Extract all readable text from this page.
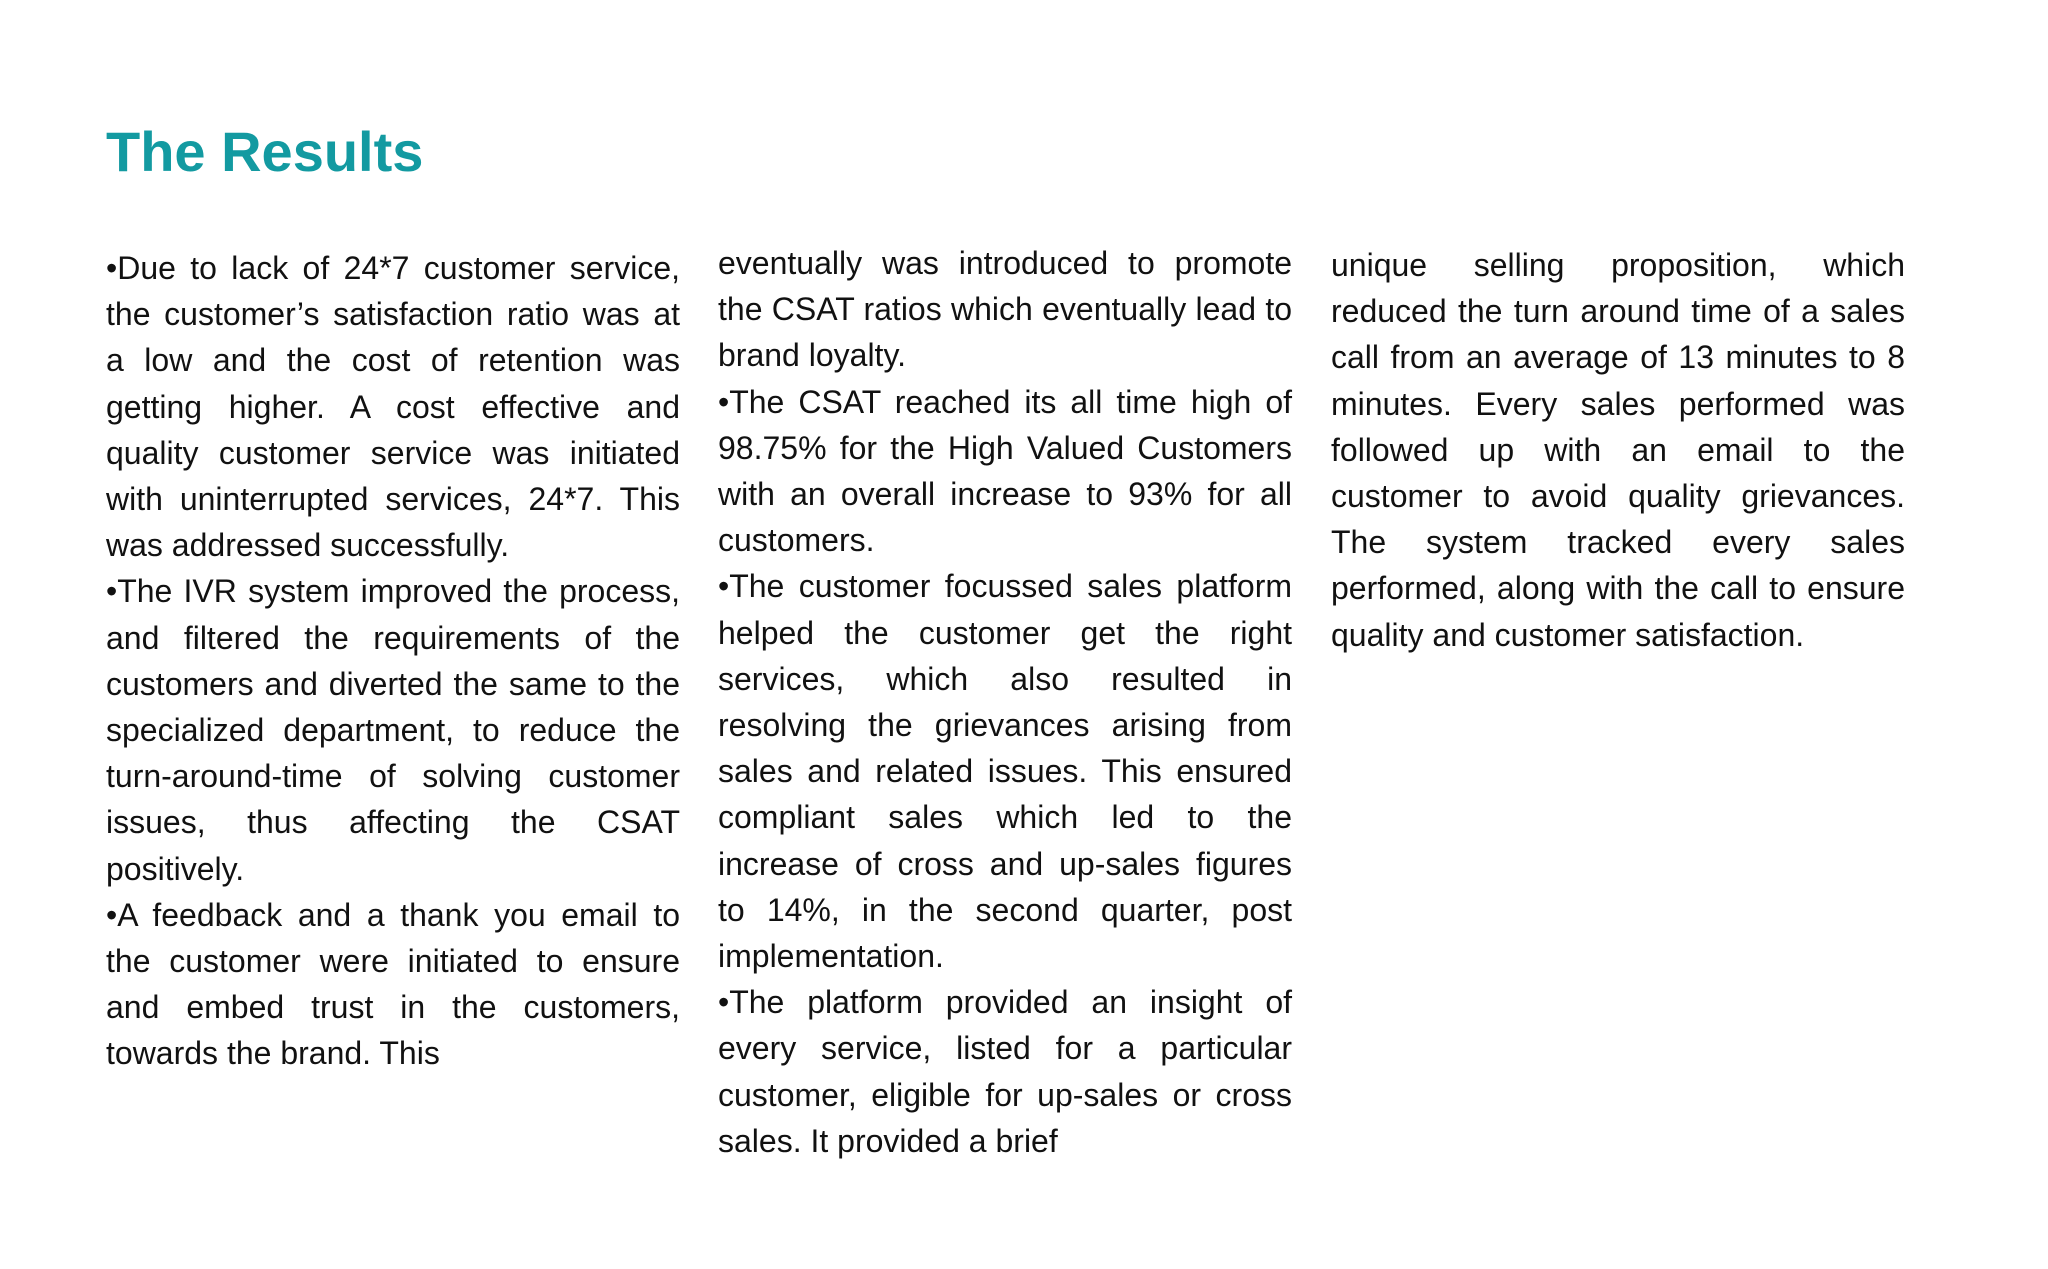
The Results

•Due to lack of 24*7 customer service, the customer’s satisfaction ratio was at a low and the cost of retention was getting higher. A cost effective and quality customer service was initiated with uninterrupted services, 24*7. This was addressed successfully.

•The IVR system improved the process, and filtered the requirements of the customers and diverted the same to the specialized department, to reduce the turn-around-time of solving customer issues, thus affecting the CSAT positively.

•A feedback and a thank you email to the customer were initiated to ensure and embed trust in the customers, towards the brand. This

eventually was introduced to promote the CSAT ratios which eventually lead to brand loyalty.

•The CSAT reached its all time high of 98.75% for the High Valued Customers with an overall increase to 93% for all customers.

•The customer focussed sales platform helped the customer get the right services, which also resulted in resolving the grievances arising from sales and related issues. This ensured compliant sales which led to the increase of cross and up-sales figures to 14%, in the second quarter, post implementation.

•The platform provided an insight of every service, listed for a particular customer, eligible for up-sales or cross sales. It provided a brief

unique selling proposition, which reduced the turn around time of a sales call from an average of 13 minutes to 8 minutes. Every sales performed was followed up with an email to the customer to avoid quality grievances. The system tracked every sales performed, along with the call to ensure quality and customer satisfaction.
